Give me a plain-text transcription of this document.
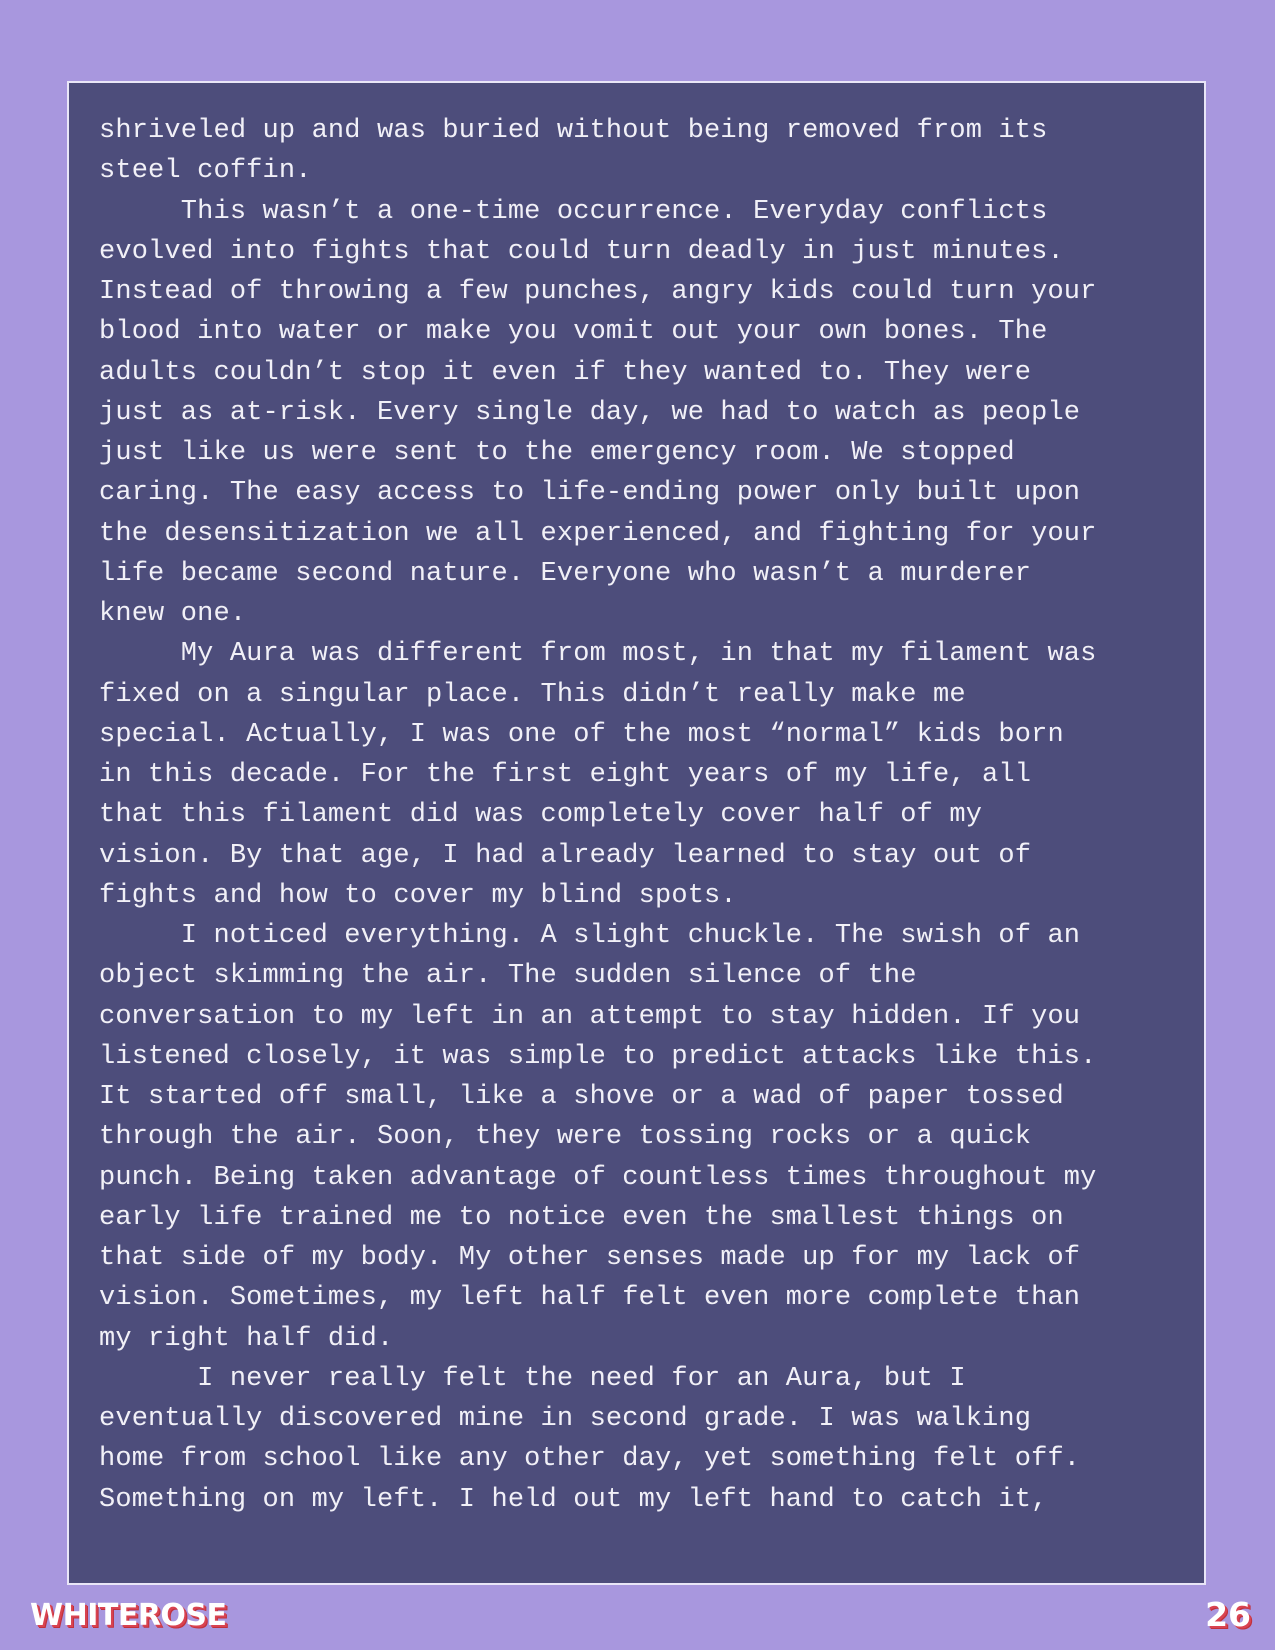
shriveled up and was buried without being removed from its
steel coffin.
This wasn’t a one-time occurrence. Everyday conflicts
evolved into fights that could turn deadly in just minutes.
Instead of throwing a few punches, angry kids could turn your
blood into water or make you vomit out your own bones. The
adults couldn’t stop it even if they wanted to. They were
just as at-risk. Every single day, we had to watch as people
just like us were sent to the emergency room. We stopped
caring. The easy access to life-ending power only built upon
the desensitization we all experienced, and fighting for your
life became second nature. Everyone who wasn’t a murderer
knew one.
My Aura was different from most, in that my filament was
fixed on a singular place. This didn’t really make me
special. Actually, I was one of the most “normal” kids born
in this decade. For the first eight years of my life, all
that this filament did was completely cover half of my
vision. By that age, I had already learned to stay out of
fights and how to cover my blind spots.
I noticed everything. A slight chuckle. The swish of an
object skimming the air. The sudden silence of the
conversation to my left in an attempt to stay hidden. If you
listened closely, it was simple to predict attacks like this.
It started off small, like a shove or a wad of paper tossed
through the air. Soon, they were tossing rocks or a quick
punch. Being taken advantage of countless times throughout my
early life trained me to notice even the smallest things on
that side of my body. My other senses made up for my lack of
vision. Sometimes, my left half felt even more complete than
my right half did.
I never really felt the need for an Aura, but I
eventually discovered mine in second grade. I was walking
home from school like any other day, yet something felt off.
Something on my left. I held out my left hand to catch it,
WHITEROSE	26
